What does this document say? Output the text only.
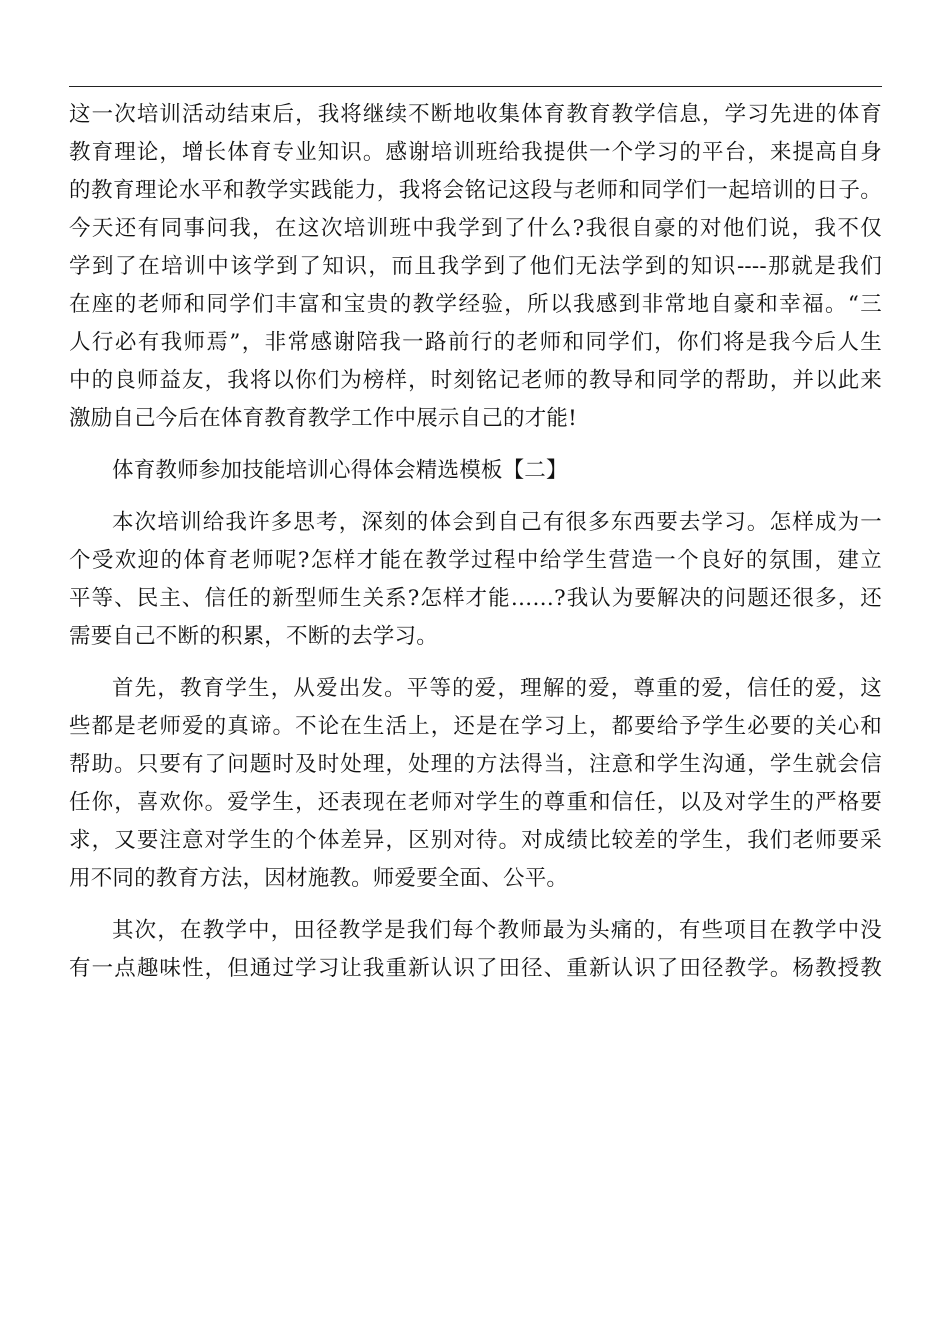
这一次培训活动结束后，我将继续不断地收集体育教育教学信息，学习先进的体育
教育理论，增长体育专业知识。感谢培训班给我提供一个学习的平台，来提高自身
的教育理论水平和教学实践能力，我将会铭记这段与老师和同学们一起培训的日子。
今天还有同事问我，在这次培训班中我学到了什么?我很自豪的对他们说，我不仅
学到了在培训中该学到了知识，而且我学到了他们无法学到的知识----那就是我们
在座的老师和同学们丰富和宝贵的教学经验，所以我感到非常地自豪和幸福。“三
人行必有我师焉”，非常感谢陪我一路前行的老师和同学们，你们将是我今后人生
中的良师益友，我将以你们为榜样，时刻铭记老师的教导和同学的帮助，并以此来
激励自己今后在体育教育教学工作中展示自己的才能!
体育教师参加技能培训心得体会精选模板【二】
本次培训给我许多思考，深刻的体会到自己有很多东西要去学习。怎样成为一
个受欢迎的体育老师呢?怎样才能在教学过程中给学生营造一个良好的氛围，建立
平等、民主、信任的新型师生关系?怎样才能……?我认为要解决的问题还很多，还
需要自己不断的积累，不断的去学习。
首先，教育学生，从爱出发。平等的爱，理解的爱，尊重的爱，信任的爱，这
些都是老师爱的真谛。不论在生活上，还是在学习上，都要给予学生必要的关心和
帮助。只要有了问题时及时处理，处理的方法得当，注意和学生沟通，学生就会信
任你，喜欢你。爱学生，还表现在老师对学生的尊重和信任，以及对学生的严格要
求，又要注意对学生的个体差异，区别对待。对成绩比较差的学生，我们老师要采
用不同的教育方法，因材施教。师爱要全面、公平。
其次，在教学中，田径教学是我们每个教师最为头痛的，有些项目在教学中没
有一点趣味性，但通过学习让我重新认识了田径、重新认识了田径教学。杨教授教
